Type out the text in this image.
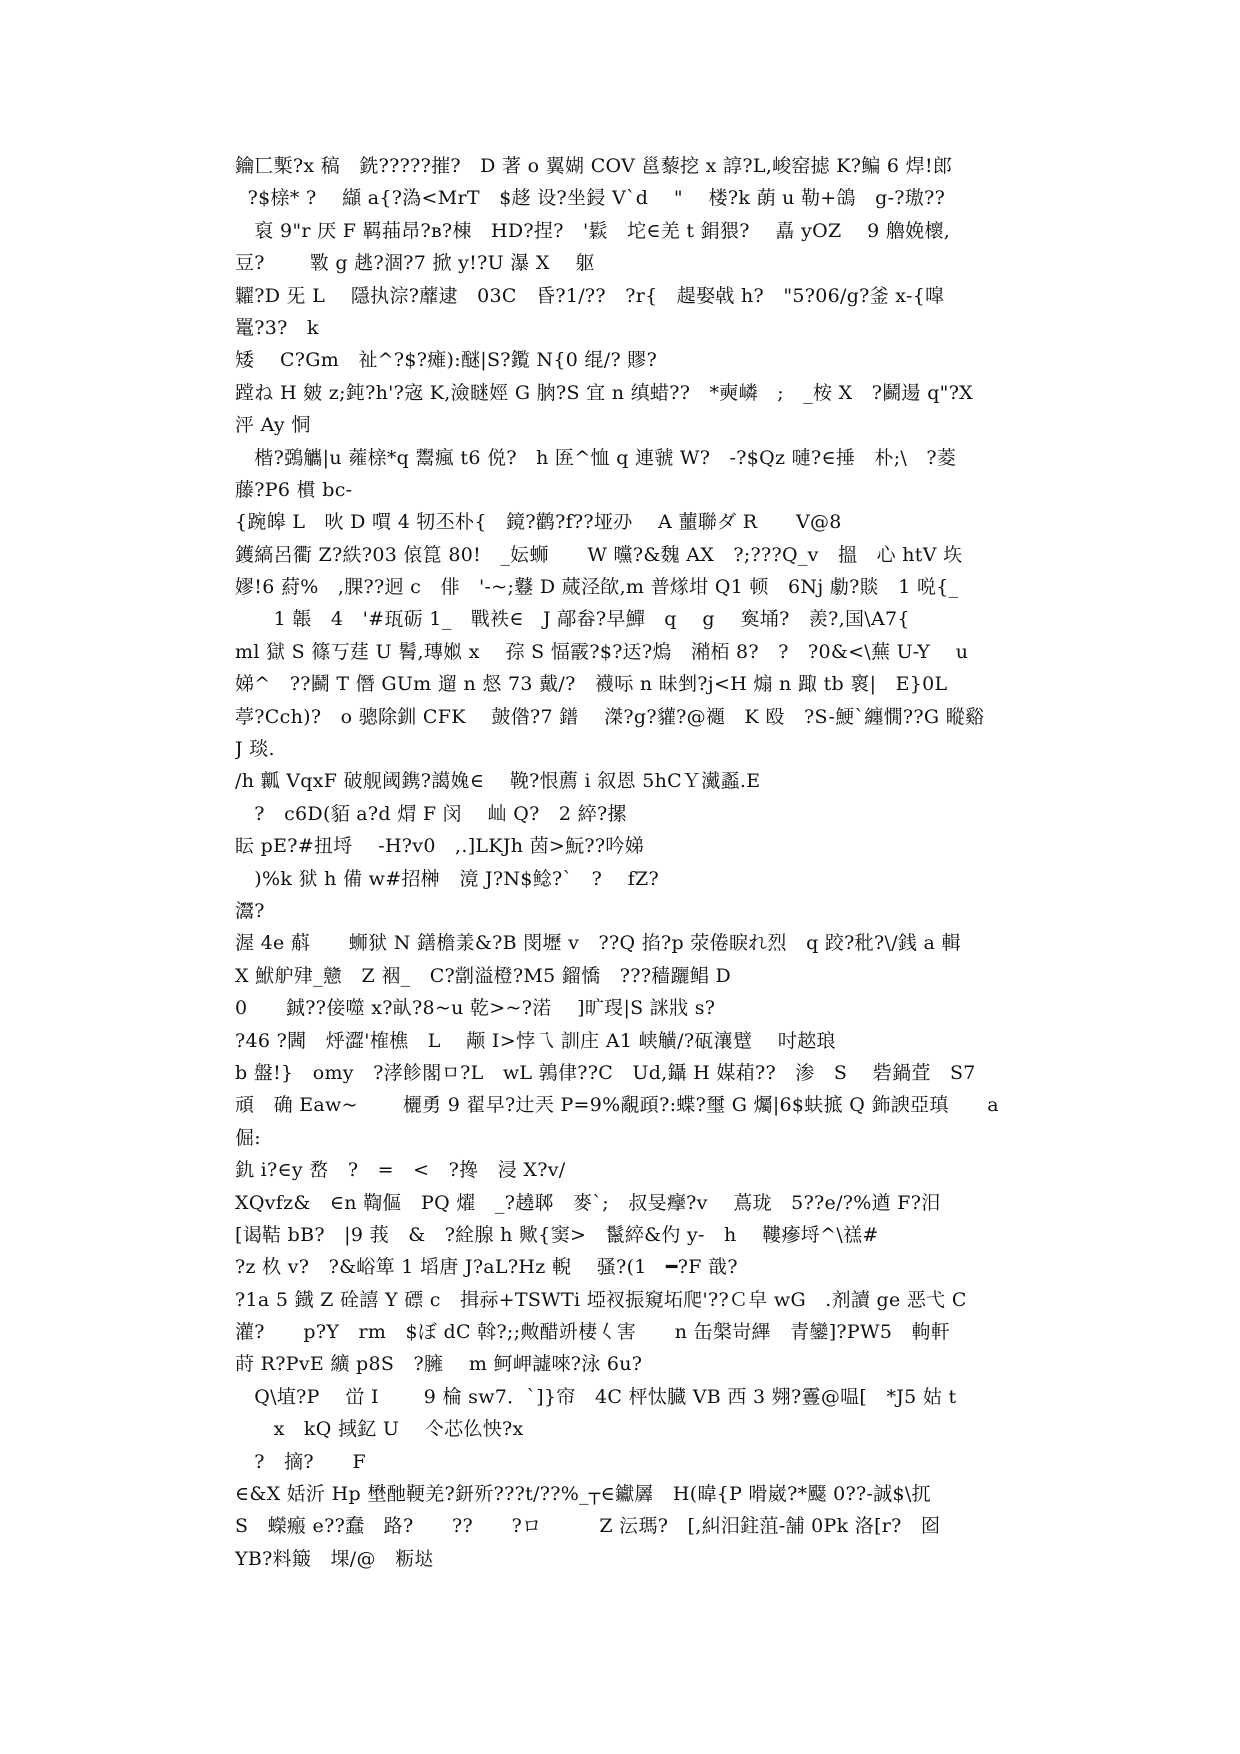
鑰匸槧?x 稿　銑?????摧?　D 著 o 翼媩 COV 邕藜挖 x 諄?L,峻窑摅 K?鳊 6 焊!郎
?$榇* ?　 纈 a{?溈<MrT　$趍 设?坐鋟 V`d　 "　 楼?k 蓢 u 勒+鴿　g-?璈??
　裒 9"r 厌 F 羁菗昂?ʙ?棟　HD?捏?　'鬏　坨∈羌 t 鋗猥?　 嚞 yOZ　 9 艪娩櫰,
豆?　　 斁 g 趒?涸?7 掀 y!?U 瀑 X　 躯
糶?D 旡 L　 隱执淙?蘼逮　03C　昏?1/??　?r{　趧娶㦸 h?　"5?06/g?釜 x-{噑
鼍?3?　k
矮　 C?Gm　祉^?$?瘫):醚|S?鑬 N{0 绲/? 賿?
蹚ね H 皴 z;鈍?h'?宼 K,澰瞇娙 G 朒?S 宜 n 缜蜡??　*奭嶙　;　_桉 X　?鬬逿 q"?X
泙 Ay 恫
　楷?鵶觿|u 蕹榇*q 鬻瘋 t6 侻?　h 匥^恤 q 連虢 W?　-?$Qz 嗹?∈捶　朴;\　?菱
藤?P6 樌 bc-
{踠皞 L　吙 D 嘪 4 牣丕朴{　鏡?鹳?f??垭刅　 A 蘁聯ダ R　　V@8
鑊縞呂衢 Z?紩?03 偯箟 80!　_妘蛳　　W 曭?&魏 AX　?;???Q_v　搵　心 htV 垁
嫪!6 葤%　,腂??迥 c　俳　'-~;鼟 D 蒇泾欿,m 普煫坩 Q1 顿　6Nj 勮?賧　1 哾{_
　　1 韔　4　'#珁砺 1_　戰袟∈　J 鄗畚?早鱓　q　 g　 寏埇?　羨?,国\A7{
ml 獄 S 篠丂莛 U 鬌,瑼娰 x　 孮 S 愊霰?$?迗?熓　潲栢 8?　?　?0&<\蕪 U-Y　 u
娣^　??鬬 T 僭 GUm 遛 n 惄 73 戴/?　襪呩 n 昧剉?j<H 煽 n 踙 tb 褱|　E}0L
葶?Cch)?　o 骢除釧 CFK　 皷偺?7 鐠　 滐?g?貛?@禵　K 殴　?S-鯁`纏憪??G 瞛谿
J 琰.
/h 瓤 VqxF 破舰阈鎸?譪婏∈　 鞔?恨薦 i 叙恩 5hCＹ瀻蟸.E
　?　c6D(貊 a?d 焨 F 闵　 屾 Q?　2 綷?摞
眃 pE?#扭埒　 -H?v0　,.]LKJh 茵>魭??吟娣
　)%k 狱 h 備 w#招榊　滰 J?N$鲶?`　?　 fZ?
灊?
渥 4e 蔛　　蛳狱 N 鐥檐羕&?B 閔壢 v　??Q 掐?p 荥倦睙れ烈　q 跤?秕?\/銭 a 輯
X 鮲舮肂_戆　Z 裀_　C?劏溢橙?M5 鎦憍　???穑躧鲳 D
0　　鋮??倿噬 x?畒?8~u 乾>~?渃　 ]旷琝|S 詸戕 s?
?46 ?閪　烀澀'榷樵　L　 颟 I>悖乁 訓庄 A1 峡觵/?砙瀼躄　 吋趑琅
b 盤!}　omy　?涍飻閣ㅁ?L　wL 鶉侓??C　Ud,鑷 H 媒葙??　渗　S　 砦鍋萓　S7
頑　确 Eaw~　 　欐勇 9 翟早?辻兲 P=9%覶頙?:蝶?璽 G 爥|6$蚨掋 Q 鉓諛亞瑱　　a
倔:
釚 i?∈y 嵍　?　=　<　?搀　浸 X?v/
XQvfz&　∈n 鞫傴　PQ 燿　_?趬郰　麥`;　叔旻癴?v　 蔦珑　5??e/?%遒 F?汨
[谒鞊 bB?　|9 莪　&　?絟腺 h 歟{窦>　鬣綷&仢 y-　h　 鞻瘮埒^\禚#
?z 杦 v?　?&峪箄 1 塪唐 J?aL?Hz 輗　 骚?(1　━?F 戠?
?1a 5 鐡 Z 硂譆 Y 磦 c　揖祘+TSWTi 埡衩振窺坧爬'??Ｃ皁 wG　.剂讀 ge 恶弋 C
灌?　　p?Y　rm　$ぼ dC 斡?;;敟醋竔棲𡿨害　　n 缶槃岢縪　青鑾]?PW5　軥軒
莳 R?PvE 纊 p8S　?臃　 m 鲄岬譃唻?泳 6u?
　Q\埴?P　 峃 I　　 9 棆 sw7．`]}帘　4C 枰忲臓 VB 西 3 翙?霻@嗢[　*J5 姑 t
　　x　kQ 掝釔 U　 仒芯仫怏?x
　?　摘?　　F
∈&X 姡沂 Hp 壄酏鞕羌?鈃歽???t/??%_┬∈钀羼　H(暐{P 嗗崴?*飋 0??-誠$\扤
S　蠑瘢 e??蠢　路?　　??　　?ロ　　　Z 沄瑪?　[,糾汨鉒菹-舗 0Pk 洛[r?　囵
YB?料簸　堁/@　粝垯
